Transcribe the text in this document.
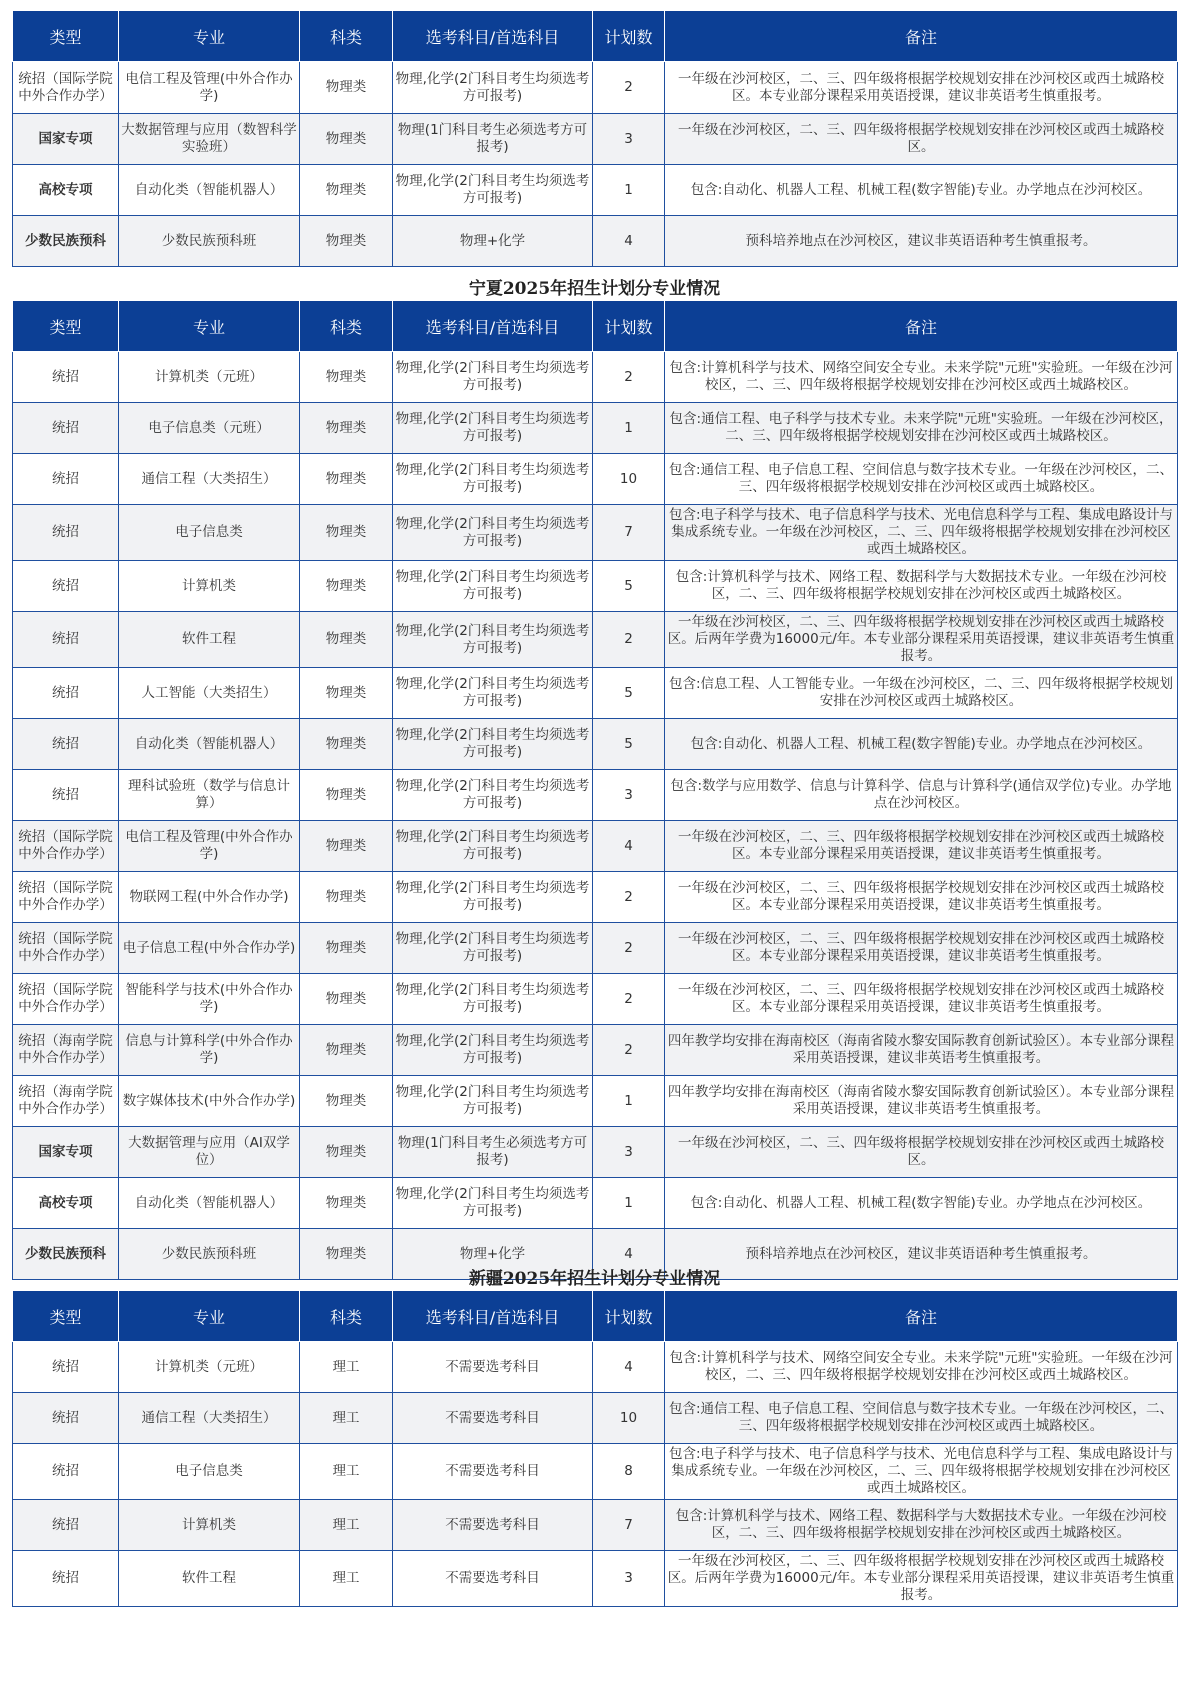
类型	专业	科类	选考科目/首选科目	计划数	备注
统招（国际学院中外合作办学）	电信工程及管理(中外合作办学)	物理类	物理,化学(2门科目考生均须选考方可报考)	2	一年级在沙河校区，二、三、四年级将根据学校规划安排在沙河校区或西土城路校区。本专业部分课程采用英语授课，建议非英语考生慎重报考。
国家专项	大数据管理与应用（数智科学实验班）	物理类	物理(1门科目考生必须选考方可报考)	3	一年级在沙河校区，二、三、四年级将根据学校规划安排在沙河校区或西土城路校区。
高校专项	自动化类（智能机器人）	物理类	物理,化学(2门科目考生均须选考方可报考)	1	包含:自动化、机器人工程、机械工程(数字智能)专业。办学地点在沙河校区。
少数民族预科	少数民族预科班	物理类	物理+化学	4	预科培养地点在沙河校区，建议非英语语种考生慎重报考。
宁夏2025年招生计划分专业情况
类型	专业	科类	选考科目/首选科目	计划数	备注
统招	计算机类（元班）	物理类	物理,化学(2门科目考生均须选考方可报考)	2	包含:计算机科学与技术、网络空间安全专业。未来学院"元班"实验班。一年级在沙河校区，二、三、四年级将根据学校规划安排在沙河校区或西土城路校区。
统招	电子信息类（元班）	物理类	物理,化学(2门科目考生均须选考方可报考)	1	包含:通信工程、电子科学与技术专业。未来学院"元班"实验班。一年级在沙河校区，二、三、四年级将根据学校规划安排在沙河校区或西土城路校区。
统招	通信工程（大类招生）	物理类	物理,化学(2门科目考生均须选考方可报考)	10	包含:通信工程、电子信息工程、空间信息与数字技术专业。一年级在沙河校区，二、三、四年级将根据学校规划安排在沙河校区或西土城路校区。
统招	电子信息类	物理类	物理,化学(2门科目考生均须选考方可报考)	7	包含:电子科学与技术、电子信息科学与技术、光电信息科学与工程、集成电路设计与集成系统专业。一年级在沙河校区，二、三、四年级将根据学校规划安排在沙河校区或西土城路校区。
统招	计算机类	物理类	物理,化学(2门科目考生均须选考方可报考)	5	包含:计算机科学与技术、网络工程、数据科学与大数据技术专业。一年级在沙河校区，二、三、四年级将根据学校规划安排在沙河校区或西土城路校区。
统招	软件工程	物理类	物理,化学(2门科目考生均须选考方可报考)	2	一年级在沙河校区，二、三、四年级将根据学校规划安排在沙河校区或西土城路校区。后两年学费为16000元/年。本专业部分课程采用英语授课，建议非英语考生慎重报考。
统招	人工智能（大类招生）	物理类	物理,化学(2门科目考生均须选考方可报考)	5	包含:信息工程、人工智能专业。一年级在沙河校区，二、三、四年级将根据学校规划安排在沙河校区或西土城路校区。
统招	自动化类（智能机器人）	物理类	物理,化学(2门科目考生均须选考方可报考)	5	包含:自动化、机器人工程、机械工程(数字智能)专业。办学地点在沙河校区。
统招	理科试验班（数学与信息计算）	物理类	物理,化学(2门科目考生均须选考方可报考)	3	包含:数学与应用数学、信息与计算科学、信息与计算科学(通信双学位)专业。办学地点在沙河校区。
统招（国际学院中外合作办学）	电信工程及管理(中外合作办学)	物理类	物理,化学(2门科目考生均须选考方可报考)	4	一年级在沙河校区，二、三、四年级将根据学校规划安排在沙河校区或西土城路校区。本专业部分课程采用英语授课，建议非英语考生慎重报考。
统招（国际学院中外合作办学）	物联网工程(中外合作办学)	物理类	物理,化学(2门科目考生均须选考方可报考)	2	一年级在沙河校区，二、三、四年级将根据学校规划安排在沙河校区或西土城路校区。本专业部分课程采用英语授课，建议非英语考生慎重报考。
统招（国际学院中外合作办学）	电子信息工程(中外合作办学)	物理类	物理,化学(2门科目考生均须选考方可报考)	2	一年级在沙河校区，二、三、四年级将根据学校规划安排在沙河校区或西土城路校区。本专业部分课程采用英语授课，建议非英语考生慎重报考。
统招（国际学院中外合作办学）	智能科学与技术(中外合作办学)	物理类	物理,化学(2门科目考生均须选考方可报考)	2	一年级在沙河校区，二、三、四年级将根据学校规划安排在沙河校区或西土城路校区。本专业部分课程采用英语授课，建议非英语考生慎重报考。
统招（海南学院中外合作办学）	信息与计算科学(中外合作办学)	物理类	物理,化学(2门科目考生均须选考方可报考)	2	四年教学均安排在海南校区（海南省陵水黎安国际教育创新试验区）。本专业部分课程采用英语授课，建议非英语考生慎重报考。
统招（海南学院中外合作办学）	数字媒体技术(中外合作办学)	物理类	物理,化学(2门科目考生均须选考方可报考)	1	四年教学均安排在海南校区（海南省陵水黎安国际教育创新试验区）。本专业部分课程采用英语授课，建议非英语考生慎重报考。
国家专项	大数据管理与应用（AI双学位）	物理类	物理(1门科目考生必须选考方可报考)	3	一年级在沙河校区，二、三、四年级将根据学校规划安排在沙河校区或西土城路校区。
高校专项	自动化类（智能机器人）	物理类	物理,化学(2门科目考生均须选考方可报考)	1	包含:自动化、机器人工程、机械工程(数字智能)专业。办学地点在沙河校区。
少数民族预科	少数民族预科班	物理类	物理+化学	4	预科培养地点在沙河校区，建议非英语语种考生慎重报考。
新疆2025年招生计划分专业情况
类型	专业	科类	选考科目/首选科目	计划数	备注
统招	计算机类（元班）	理工	不需要选考科目	4	包含:计算机科学与技术、网络空间安全专业。未来学院"元班"实验班。一年级在沙河校区，二、三、四年级将根据学校规划安排在沙河校区或西土城路校区。
统招	通信工程（大类招生）	理工	不需要选考科目	10	包含:通信工程、电子信息工程、空间信息与数字技术专业。一年级在沙河校区，二、三、四年级将根据学校规划安排在沙河校区或西土城路校区。
统招	电子信息类	理工	不需要选考科目	8	包含:电子科学与技术、电子信息科学与技术、光电信息科学与工程、集成电路设计与集成系统专业。一年级在沙河校区，二、三、四年级将根据学校规划安排在沙河校区或西土城路校区。
统招	计算机类	理工	不需要选考科目	7	包含:计算机科学与技术、网络工程、数据科学与大数据技术专业。一年级在沙河校区，二、三、四年级将根据学校规划安排在沙河校区或西土城路校区。
统招	软件工程	理工	不需要选考科目	3	一年级在沙河校区，二、三、四年级将根据学校规划安排在沙河校区或西土城路校区。后两年学费为16000元/年。本专业部分课程采用英语授课，建议非英语考生慎重报考。
